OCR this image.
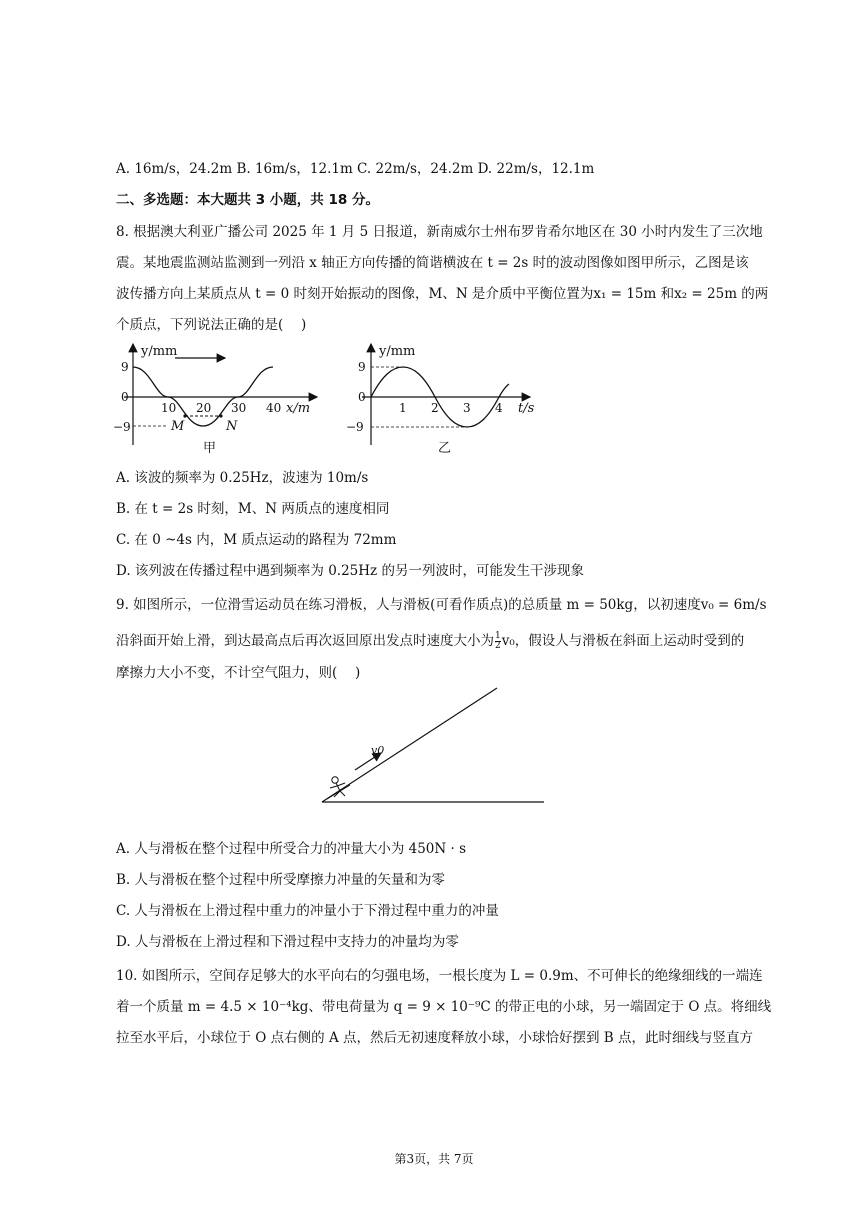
A. 16m/s，24.2m B. 16m/s，12.1m C. 22m/s，24.2m D. 22m/s，12.1m
二、多选题：本大题共 3 小题，共 18 分。
8. 根据澳大利亚广播公司 2025 年 1 月 5 日报道，新南威尔士州布罗肯希尔地区在 30 小时内发生了三次地
震。某地震监测站监测到一列沿 x 轴正方向传播的简谐横波在 t = 2s 时的波动图像如图甲所示，乙图是该
波传播方向上某质点从 t = 0 时刻开始振动的图像，M、N 是介质中平衡位置为x₁ = 15m 和x₂ = 25m 的两
个质点，下列说法正确的是(　 )
y/mm
x/m
9
0
−9
10 20 30 40
M	N
甲
y/mm
t/s
9
0
−9
1 2 3 4
乙
A. 该波的频率为 0.25Hz，波速为 10m/s
B. 在 t = 2s 时刻，M、N 两质点的速度相同
C. 在 0 ~4s 内，M 质点运动的路程为 72mm
D. 该列波在传播过程中遇到频率为 0.25Hz 的另一列波时，可能发生干涉现象
9. 如图所示，一位滑雪运动员在练习滑板，人与滑板(可看作质点)的总质量 m = 50kg，以初速度v₀ = 6m/s
沿斜面开始上滑，到达最高点后再次返回原出发点时速度大小为 $\frac{1}{2} v_0$，假设人与滑板在斜面上运动时受到的
摩擦力大小不变，不计空气阻力，则(　 )
v0
A. 人与滑板在整个过程中所受合力的冲量大小为 450N · s
B. 人与滑板在整个过程中所受摩擦力冲量的矢量和为零
C. 人与滑板在上滑过程中重力的冲量小于下滑过程中重力的冲量
D. 人与滑板在上滑过程和下滑过程中支持力的冲量均为零
10. 如图所示，空间存足够大的水平向右的匀强电场，一根长度为 L = 0.9m、不可伸长的绝缘细线的一端连
着一个质量 m = 4.5 × 10⁻⁴kg、带电荷量为 q = 9 × 10⁻⁹C 的带正电的小球，另一端固定于 O 点。将细线
拉至水平后，小球位于 O 点右侧的 A 点，然后无初速度释放小球，小球恰好摆到 B 点，此时细线与竖直方
第3页，共 7页
